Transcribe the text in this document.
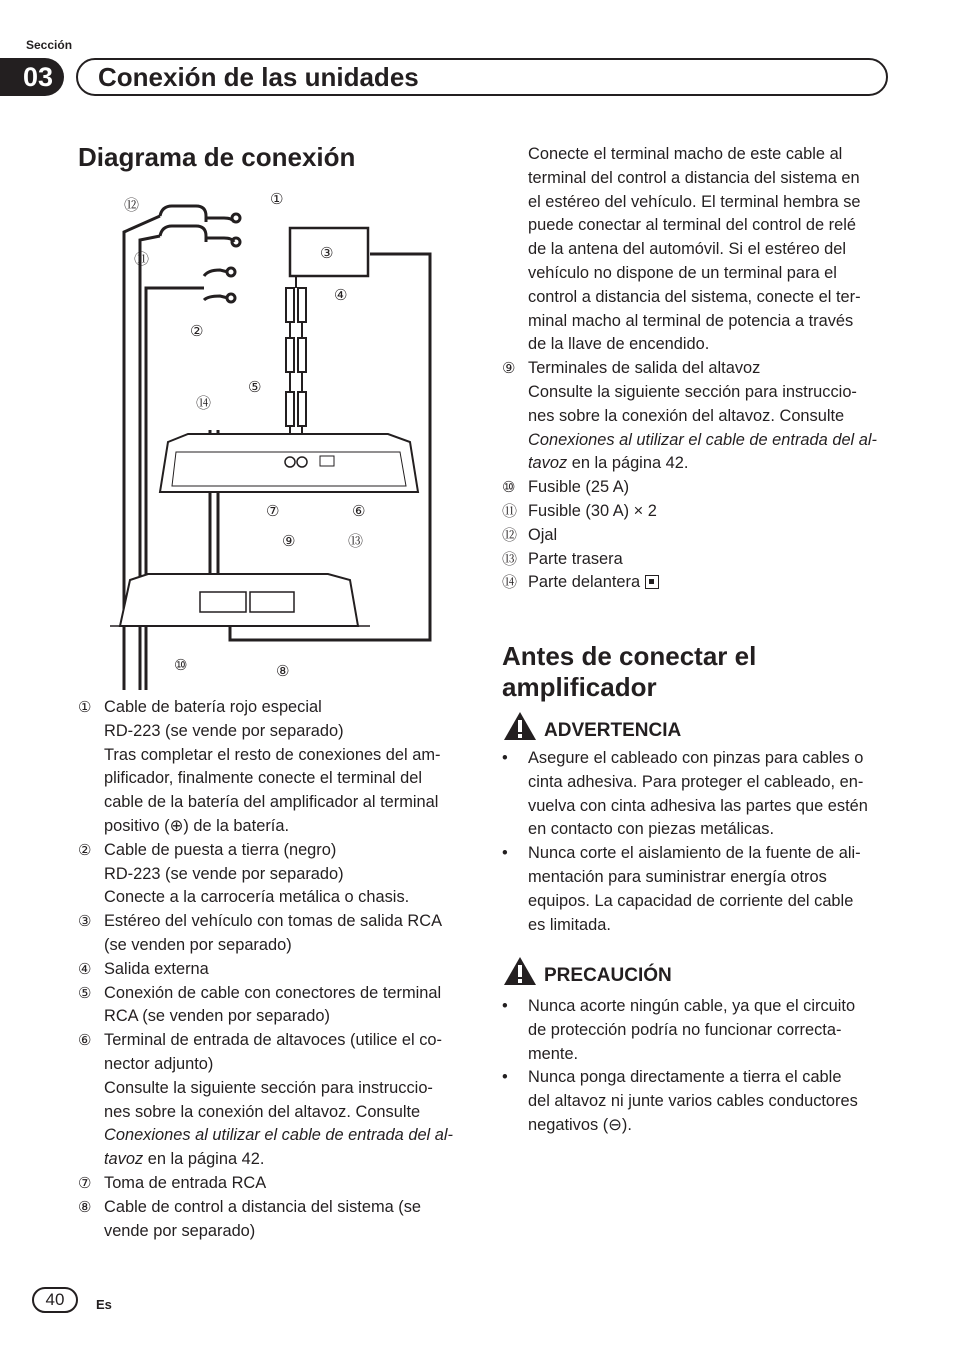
Sección
03	Conexión de las unidades
Diagrama de conexión
①
②
③
④
⑤
⑥
⑦
⑧
⑨
⑩
⑪
⑫
⑬
⑭
① Cable de batería rojo especial

RD-223 (se vende por separado)

Tras completar el resto de conexiones del am-

plificador, finalmente conecte el terminal del

cable de la batería del amplificador al terminal

positivo (⊕) de la batería.

② Cable de puesta a tierra (negro)

RD-223 (se vende por separado)

Conecte a la carrocería metálica o chasis.

③ Estéreo del vehículo con tomas de salida RCA

(se venden por separado)

④ Salida externa

⑤ Conexión de cable con conectores de terminal

RCA (se venden por separado)

⑥ Terminal de entrada de altavoces (utilice el co-

nector adjunto)

Consulte la siguiente sección para instruccio-

nes sobre la conexión del altavoz. Consulte

Conexiones al utilizar el cable de entrada del al-

tavoz en la página 42.

⑦ Toma de entrada RCA

⑧ Cable de control a distancia del sistema (se

vende por separado)

Conecte el terminal macho de este cable al

terminal del control a distancia del sistema en

el estéreo del vehículo. El terminal hembra se

puede conectar al terminal del control de relé

de la antena del automóvil. Si el estéreo del

vehículo no dispone de un terminal para el

control a distancia del sistema, conecte el ter-

minal macho al terminal de potencia a través

de la llave de encendido.

⑨ Terminales de salida del altavoz

Consulte la siguiente sección para instruccio-

nes sobre la conexión del altavoz. Consulte

Conexiones al utilizar el cable de entrada del al-

tavoz en la página 42.

⑩ Fusible (25 A)

⑪ Fusible (30 A) × 2

⑫ Ojal

⑬ Parte trasera

⑭ Parte delantera

Antes de conectar el
amplificador
ADVERTENCIA
• Asegure el cableado con pinzas para cables o

cinta adhesiva. Para proteger el cableado, en-

vuelva con cinta adhesiva las partes que estén

en contacto con piezas metálicas.

• Nunca corte el aislamiento de la fuente de ali-

mentación para suministrar energía otros

equipos. La capacidad de corriente del cable

es limitada.

PRECAUCIÓN
• Nunca acorte ningún cable, ya que el circuito

de protección podría no funcionar correcta-

mente.

• Nunca ponga directamente a tierra el cable

del altavoz ni junte varios cables conductores

negativos (⊖).

40	Es
